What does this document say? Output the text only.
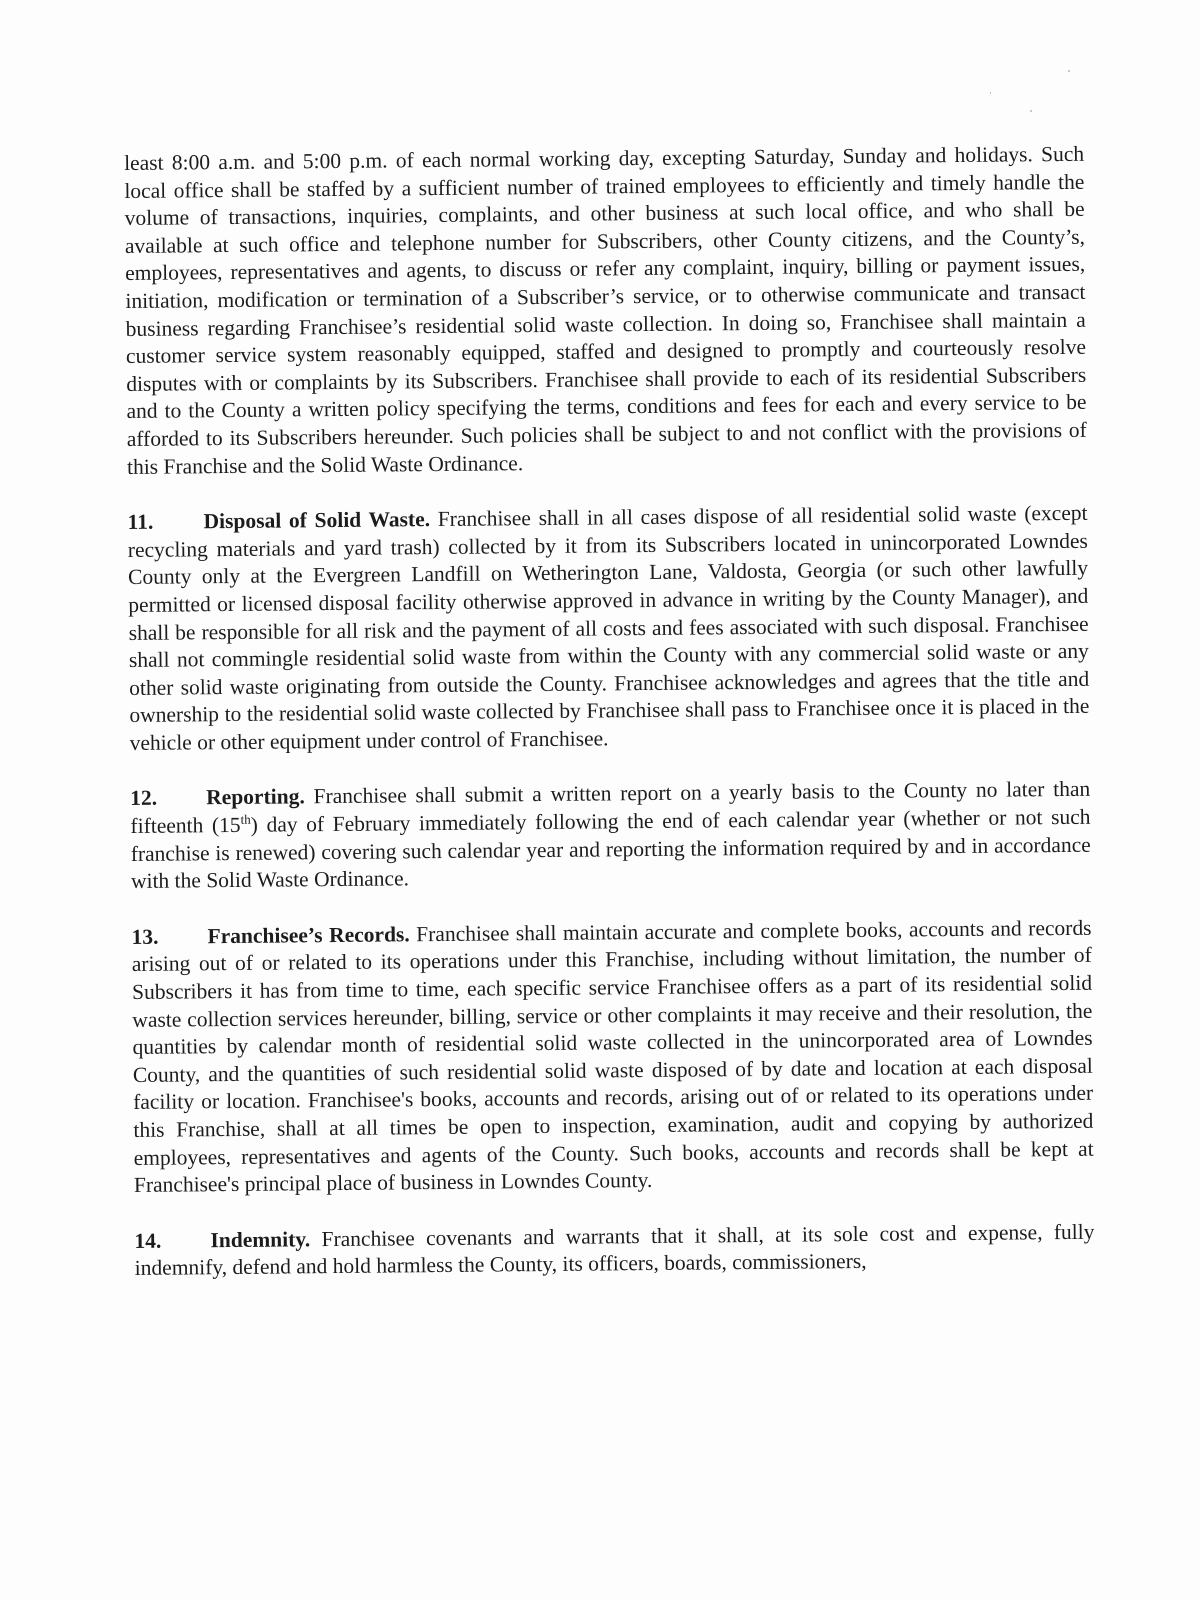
least 8:00 a.m. and 5:00 p.m. of each normal working day, excepting Saturday, Sunday and holidays. Such local office shall be staffed by a sufficient number of trained employees to efficiently and timely handle the volume of transactions, inquiries, complaints, and other business at such local office, and who shall be available at such office and telephone number for Subscribers, other County citizens, and the County’s, employees, representatives and agents, to discuss or refer any complaint, inquiry, billing or payment issues, initiation, modification or termination of a Subscriber’s service, or to otherwise communicate and transact business regarding Franchisee’s residential solid waste collection. In doing so, Franchisee shall maintain a customer service system reasonably equipped, staffed and designed to promptly and courteously resolve disputes with or complaints by its Subscribers. Franchisee shall provide to each of its residential Subscribers and to the County a written policy specifying the terms, conditions and fees for each and every service to be afforded to its Subscribers hereunder. Such policies shall be subject to and not conflict with the provisions of this Franchise and the Solid Waste Ordinance.

11. Disposal of Solid Waste. Franchisee shall in all cases dispose of all residential solid waste (except recycling materials and yard trash) collected by it from its Subscribers located in unincorporated Lowndes County only at the Evergreen Landfill on Wetherington Lane, Valdosta, Georgia (or such other lawfully permitted or licensed disposal facility otherwise approved in advance in writing by the County Manager), and shall be responsible for all risk and the payment of all costs and fees associated with such disposal. Franchisee shall not commingle residential solid waste from within the County with any commercial solid waste or any other solid waste originating from outside the County. Franchisee acknowledges and agrees that the title and ownership to the residential solid waste collected by Franchisee shall pass to Franchisee once it is placed in the vehicle or other equipment under control of Franchisee.

12. Reporting. Franchisee shall submit a written report on a yearly basis to the County no later than fifteenth (15th) day of February immediately following the end of each calendar year (whether or not such franchise is renewed) covering such calendar year and reporting the information required by and in accordance with the Solid Waste Ordinance.

13. Franchisee’s Records. Franchisee shall maintain accurate and complete books, accounts and records arising out of or related to its operations under this Franchise, including without limitation, the number of Subscribers it has from time to time, each specific service Franchisee offers as a part of its residential solid waste collection services hereunder, billing, service or other complaints it may receive and their resolution, the quantities by calendar month of residential solid waste collected in the unincorporated area of Lowndes County, and the quantities of such residential solid waste disposed of by date and location at each disposal facility or location. Franchisee's books, accounts and records, arising out of or related to its operations under this Franchise, shall at all times be open to inspection, examination, audit and copying by authorized employees, representatives and agents of the County. Such books, accounts and records shall be kept at Franchisee's principal place of business in Lowndes County.

14. Indemnity. Franchisee covenants and warrants that it shall, at its sole cost and expense, fully indemnify, defend and hold harmless the County, its officers, boards, commissioners,
